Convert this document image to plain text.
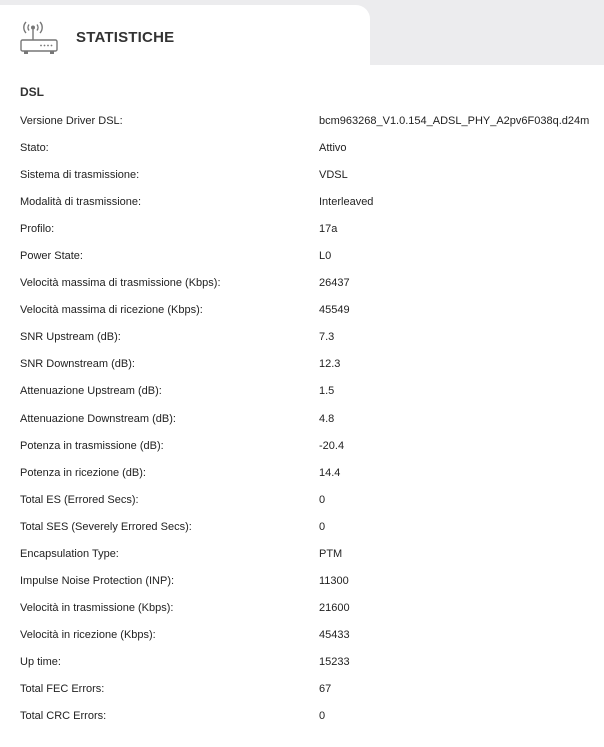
STATISTICHE
DSL
Versione Driver DSL:	bcm963268_V1.0.154_ADSL_PHY_A2pv6F038q.d24m
Stato:	Attivo
Sistema di trasmissione:	VDSL
Modalità di trasmissione:	Interleaved
Profilo:	17a
Power State:	L0
Velocità massima di trasmissione (Kbps):	26437
Velocità massima di ricezione (Kbps):	45549
SNR Upstream (dB):	7.3
SNR Downstream (dB):	12.3
Attenuazione Upstream (dB):	1.5
Attenuazione Downstream (dB):	4.8
Potenza in trasmissione (dB):	-20.4
Potenza in ricezione (dB):	14.4
Total ES (Errored Secs):	0
Total SES (Severely Errored Secs):	0
Encapsulation Type:	PTM
Impulse Noise Protection (INP):	11300
Velocità in trasmissione (Kbps):	21600
Velocità in ricezione (Kbps):	45433
Up time:	15233
Total FEC Errors:	67
Total CRC Errors:	0
